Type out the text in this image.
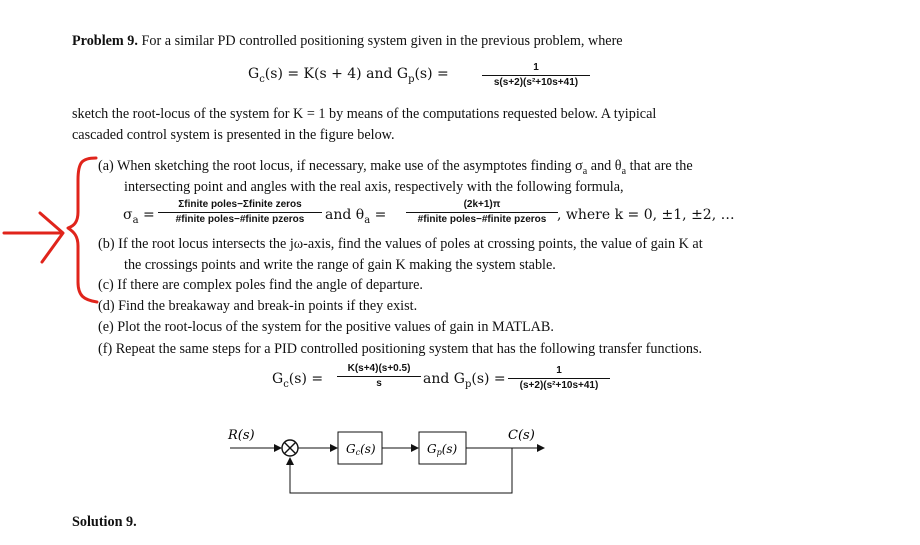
Problem 9. For a similar PD controlled positioning system given in the previous problem, where
$G_c(s) = K(s + 4)$ and $G_p(s)$ =	1
s(s+2)(s²+10s+41)
sketch the root-locus of the system for K = 1 by means of the computations requested below. A tyipical
cascaded control system is presented in the figure below.
(a) When sketching the root locus, if necessary, make use of the asymptotes finding $\sigma_a$ and $\theta_a$ that are the
intersecting point and angles with the real axis, respectively with the following formula,
$\sigma_a$ =
Σfinite poles−Σfinite zeros
#finite poles−#finite pzeros	and $\theta_a$ =
(2k+1)π
#finite poles−#finite pzeros , where k = 0, ±1, ±2, …
(b) If the root locus intersects the jω-axis, find the values of poles at crossing points, the value of gain K at
the crossings points and write the range of gain K making the system stable.
(c) If there are complex poles find the angle of departure.
(d) Find the breakaway and break-in points if they exist.
(e) Plot the root-locus of the system for the positive values of gain in MATLAB.
(f) Repeat the same steps for a PID controlled positioning system that has the following transfer functions.
$G_c(s)$ =
K(s+4)(s+0.5)
s	and $G_p(s)$ =
1
(s+2)(s²+10s+41)
R(s)	C(s)
Gc(s)	Gp(s)
Solution 9.
